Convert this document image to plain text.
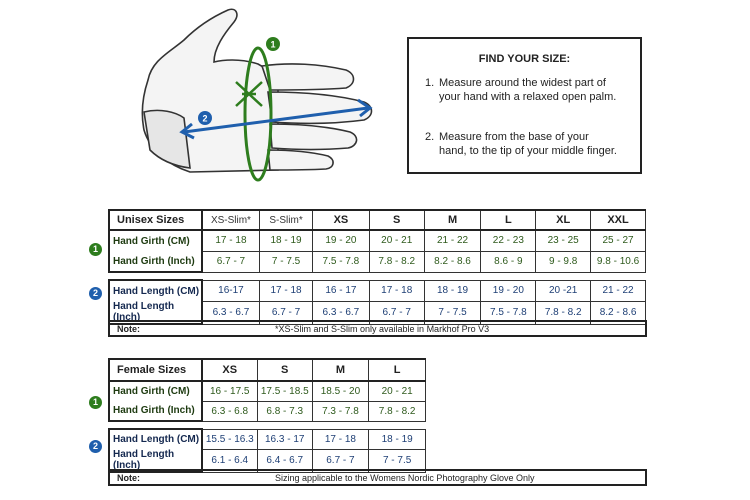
1
2
FIND YOUR SIZE:
1. Measure around the widest part of your hand with a relaxed open palm.
2. Measure from the base of your hand, to the tip of your middle finger.
Unisex Sizes	XS-Slim*	S-Slim*	XS	S	M	L	XL	XXL
Hand Girth (CM)	17 - 18	18 - 19	19 - 20	20 - 21	21 - 22	22 - 23	23 - 25	25 - 27
Hand Girth (Inch)	6.7 - 7	7 - 7.5	7.5 - 7.8	7.8 - 8.2	8.2 - 8.6	8.6 - 9	9 - 9.8	9.8 - 10.6

Hand Length (CM)	16-17	17 - 18	16 - 17	17 - 18	18 - 19	19 - 20	20 -21	21 - 22
Hand Length (Inch)	6.3 - 6.7	6.7 - 7	6.3 - 6.7	6.7 - 7	7 - 7.5	7.5 - 7.8	7.8 - 8.2	8.2 - 8.6
Note:	*XS-Slim and S-Slim only available in Markhof Pro V3
Female Sizes	XS	S	M	L
Hand Girth (CM)	16 - 17.5	17.5 - 18.5	18.5 - 20	20 - 21
Hand Girth (Inch)	6.3 - 6.8	6.8 - 7.3	7.3 - 7.8	7.8 - 8.2

Hand Length (CM)	15.5 - 16.3	16.3 - 17	17 - 18	18 - 19
Hand Length (Inch)	6.1 - 6.4	6.4 - 6.7	6.7 - 7	7 - 7.5
Note:	Sizing applicable to the Womens Nordic Photography Glove Only
1
2
1
2
